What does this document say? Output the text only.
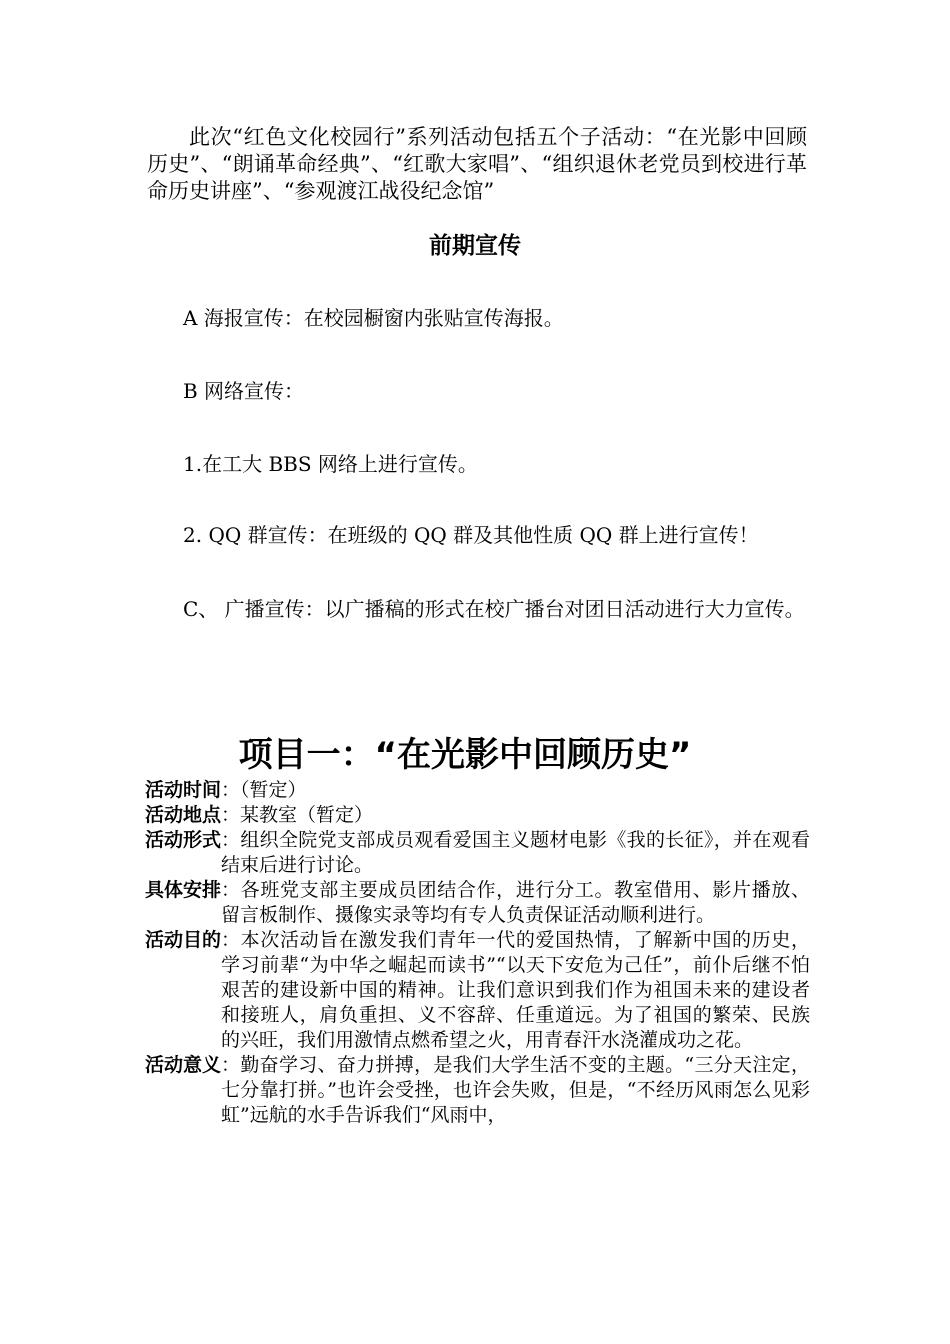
此次“红色文化校园行”系列活动包括五个子活动：“在光影中回顾历史”、“朗诵革命经典”、“红歌大家唱”、“组织退休老党员到校进行革命历史讲座”、“参观渡江战役纪念馆”

前期宣传

A 海报宣传：在校园橱窗内张贴宣传海报。

B 网络宣传：

1.在工大 BBS 网络上进行宣传。

2. QQ 群宣传：在班级的 QQ 群及其他性质 QQ 群上进行宣传！

C、 广播宣传：以广播稿的形式在校广播台对团日活动进行大力宣传。

项目一：“在光影中回顾历史”
活动时间 ：（暂定）
活动地点 ：某教室（暂定）
活动形式 ：组织全院党支部成员观看爱国主义题材电影《我的长征》，并在观看结束后进行讨论。
具体安排 ：各班党支部主要成员团结合作，进行分工。教室借用、影片播放、留言板制作、摄像实录等均有专人负责保证活动顺利进行。
活动目的 ：本次活动旨在激发我们青年一代的爱国热情，了解新中国的历史，学习前辈“为中华之崛起而读书”“以天下安危为己任”，前仆后继不怕艰苦的建设新中国的精神。让我们意识到我们作为祖国未来的建设者和接班人，肩负重担、义不容辞、任重道远。为了祖国的繁荣、民族的兴旺，我们用激情点燃希望之火，用青春汗水浇灌成功之花。
活动意义 ：勤奋学习、奋力拼搏，是我们大学生活不变的主题。“三分天注定，七分靠打拼。”也许会受挫，也许会失败，但是，“不经历风雨怎么见彩虹”远航的水手告诉我们“风雨中，
